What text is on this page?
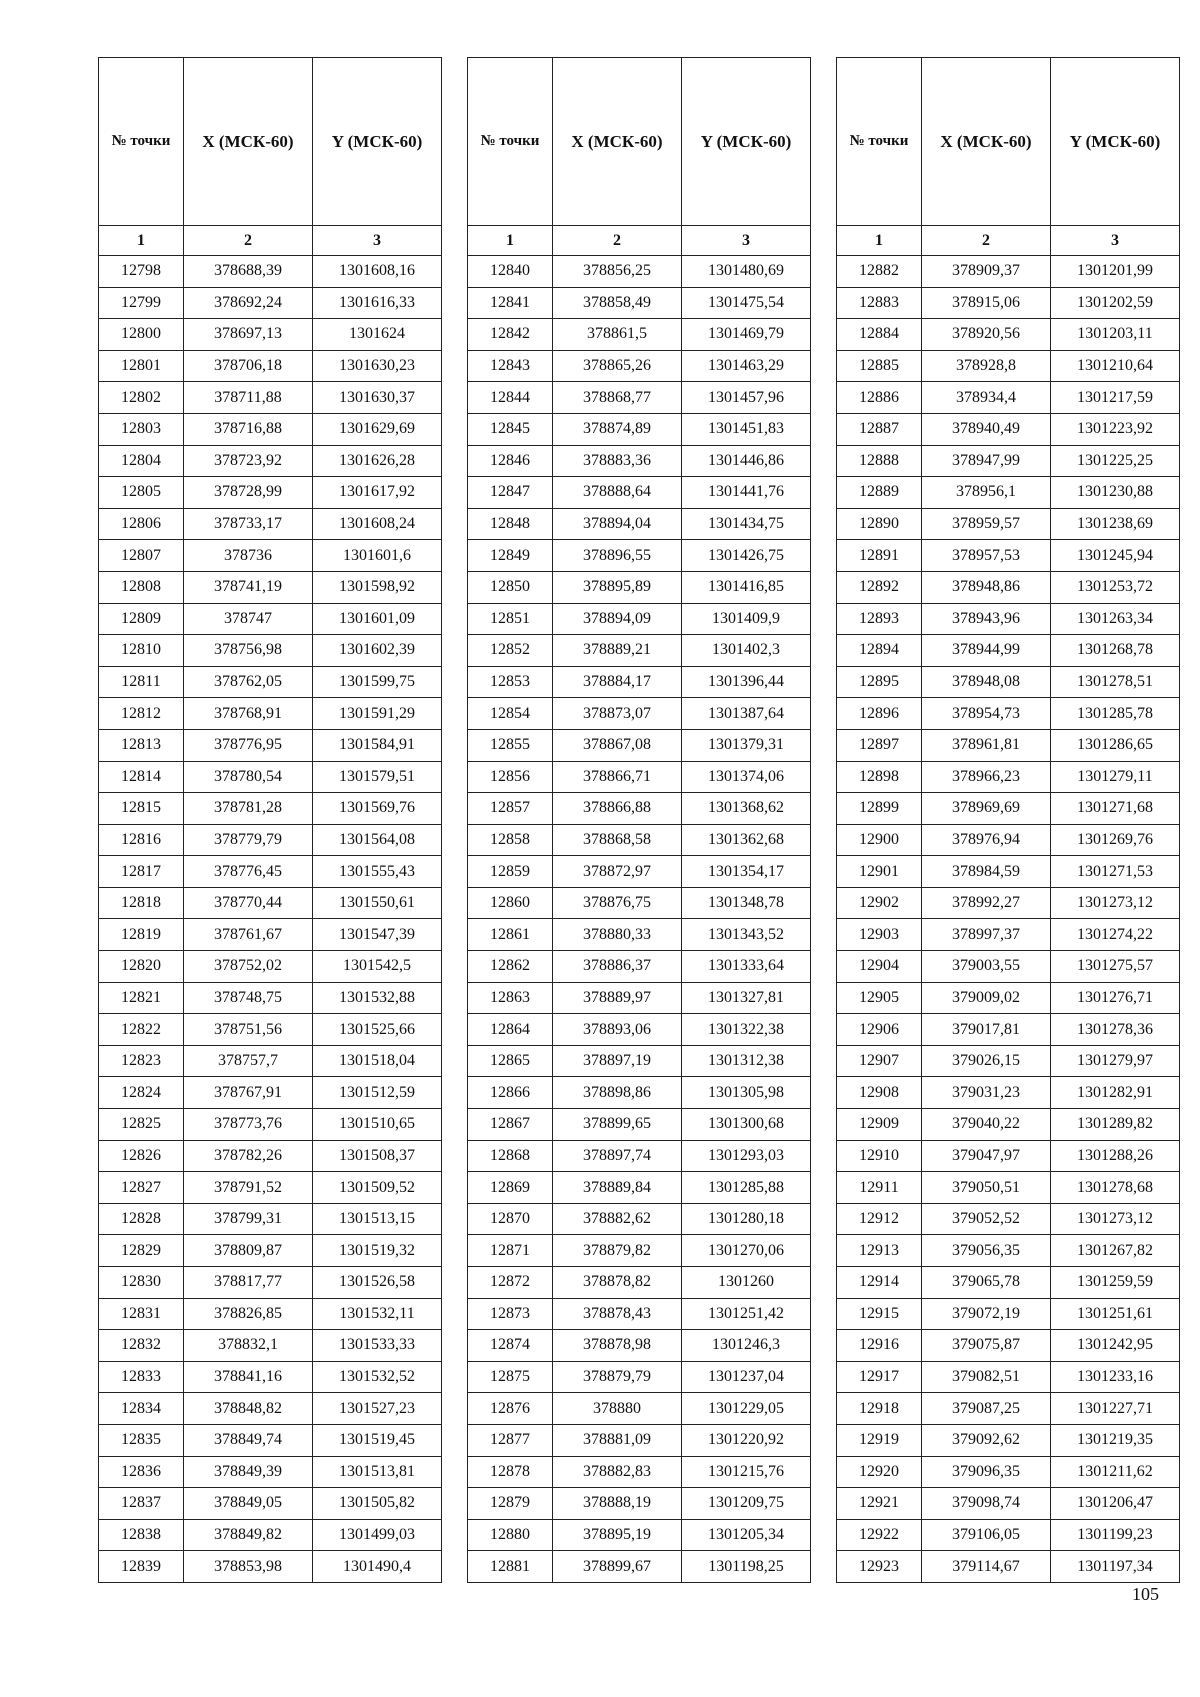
№ точки	X (МСК-60)	Y (МСК-60)
1	2	3
12798	378688,39	1301608,16
12799	378692,24	1301616,33
12800	378697,13	1301624
12801	378706,18	1301630,23
12802	378711,88	1301630,37
12803	378716,88	1301629,69
12804	378723,92	1301626,28
12805	378728,99	1301617,92
12806	378733,17	1301608,24
12807	378736	1301601,6
12808	378741,19	1301598,92
12809	378747	1301601,09
12810	378756,98	1301602,39
12811	378762,05	1301599,75
12812	378768,91	1301591,29
12813	378776,95	1301584,91
12814	378780,54	1301579,51
12815	378781,28	1301569,76
12816	378779,79	1301564,08
12817	378776,45	1301555,43
12818	378770,44	1301550,61
12819	378761,67	1301547,39
12820	378752,02	1301542,5
12821	378748,75	1301532,88
12822	378751,56	1301525,66
12823	378757,7	1301518,04
12824	378767,91	1301512,59
12825	378773,76	1301510,65
12826	378782,26	1301508,37
12827	378791,52	1301509,52
12828	378799,31	1301513,15
12829	378809,87	1301519,32
12830	378817,77	1301526,58
12831	378826,85	1301532,11
12832	378832,1	1301533,33
12833	378841,16	1301532,52
12834	378848,82	1301527,23
12835	378849,74	1301519,45
12836	378849,39	1301513,81
12837	378849,05	1301505,82
12838	378849,82	1301499,03
12839	378853,98	1301490,4
№ точки	X (МСК-60)	Y (МСК-60)
1	2	3
12840	378856,25	1301480,69
12841	378858,49	1301475,54
12842	378861,5	1301469,79
12843	378865,26	1301463,29
12844	378868,77	1301457,96
12845	378874,89	1301451,83
12846	378883,36	1301446,86
12847	378888,64	1301441,76
12848	378894,04	1301434,75
12849	378896,55	1301426,75
12850	378895,89	1301416,85
12851	378894,09	1301409,9
12852	378889,21	1301402,3
12853	378884,17	1301396,44
12854	378873,07	1301387,64
12855	378867,08	1301379,31
12856	378866,71	1301374,06
12857	378866,88	1301368,62
12858	378868,58	1301362,68
12859	378872,97	1301354,17
12860	378876,75	1301348,78
12861	378880,33	1301343,52
12862	378886,37	1301333,64
12863	378889,97	1301327,81
12864	378893,06	1301322,38
12865	378897,19	1301312,38
12866	378898,86	1301305,98
12867	378899,65	1301300,68
12868	378897,74	1301293,03
12869	378889,84	1301285,88
12870	378882,62	1301280,18
12871	378879,82	1301270,06
12872	378878,82	1301260
12873	378878,43	1301251,42
12874	378878,98	1301246,3
12875	378879,79	1301237,04
12876	378880	1301229,05
12877	378881,09	1301220,92
12878	378882,83	1301215,76
12879	378888,19	1301209,75
12880	378895,19	1301205,34
12881	378899,67	1301198,25
№ точки	X (МСК-60)	Y (МСК-60)
1	2	3
12882	378909,37	1301201,99
12883	378915,06	1301202,59
12884	378920,56	1301203,11
12885	378928,8	1301210,64
12886	378934,4	1301217,59
12887	378940,49	1301223,92
12888	378947,99	1301225,25
12889	378956,1	1301230,88
12890	378959,57	1301238,69
12891	378957,53	1301245,94
12892	378948,86	1301253,72
12893	378943,96	1301263,34
12894	378944,99	1301268,78
12895	378948,08	1301278,51
12896	378954,73	1301285,78
12897	378961,81	1301286,65
12898	378966,23	1301279,11
12899	378969,69	1301271,68
12900	378976,94	1301269,76
12901	378984,59	1301271,53
12902	378992,27	1301273,12
12903	378997,37	1301274,22
12904	379003,55	1301275,57
12905	379009,02	1301276,71
12906	379017,81	1301278,36
12907	379026,15	1301279,97
12908	379031,23	1301282,91
12909	379040,22	1301289,82
12910	379047,97	1301288,26
12911	379050,51	1301278,68
12912	379052,52	1301273,12
12913	379056,35	1301267,82
12914	379065,78	1301259,59
12915	379072,19	1301251,61
12916	379075,87	1301242,95
12917	379082,51	1301233,16
12918	379087,25	1301227,71
12919	379092,62	1301219,35
12920	379096,35	1301211,62
12921	379098,74	1301206,47
12922	379106,05	1301199,23
12923	379114,67	1301197,34
105
